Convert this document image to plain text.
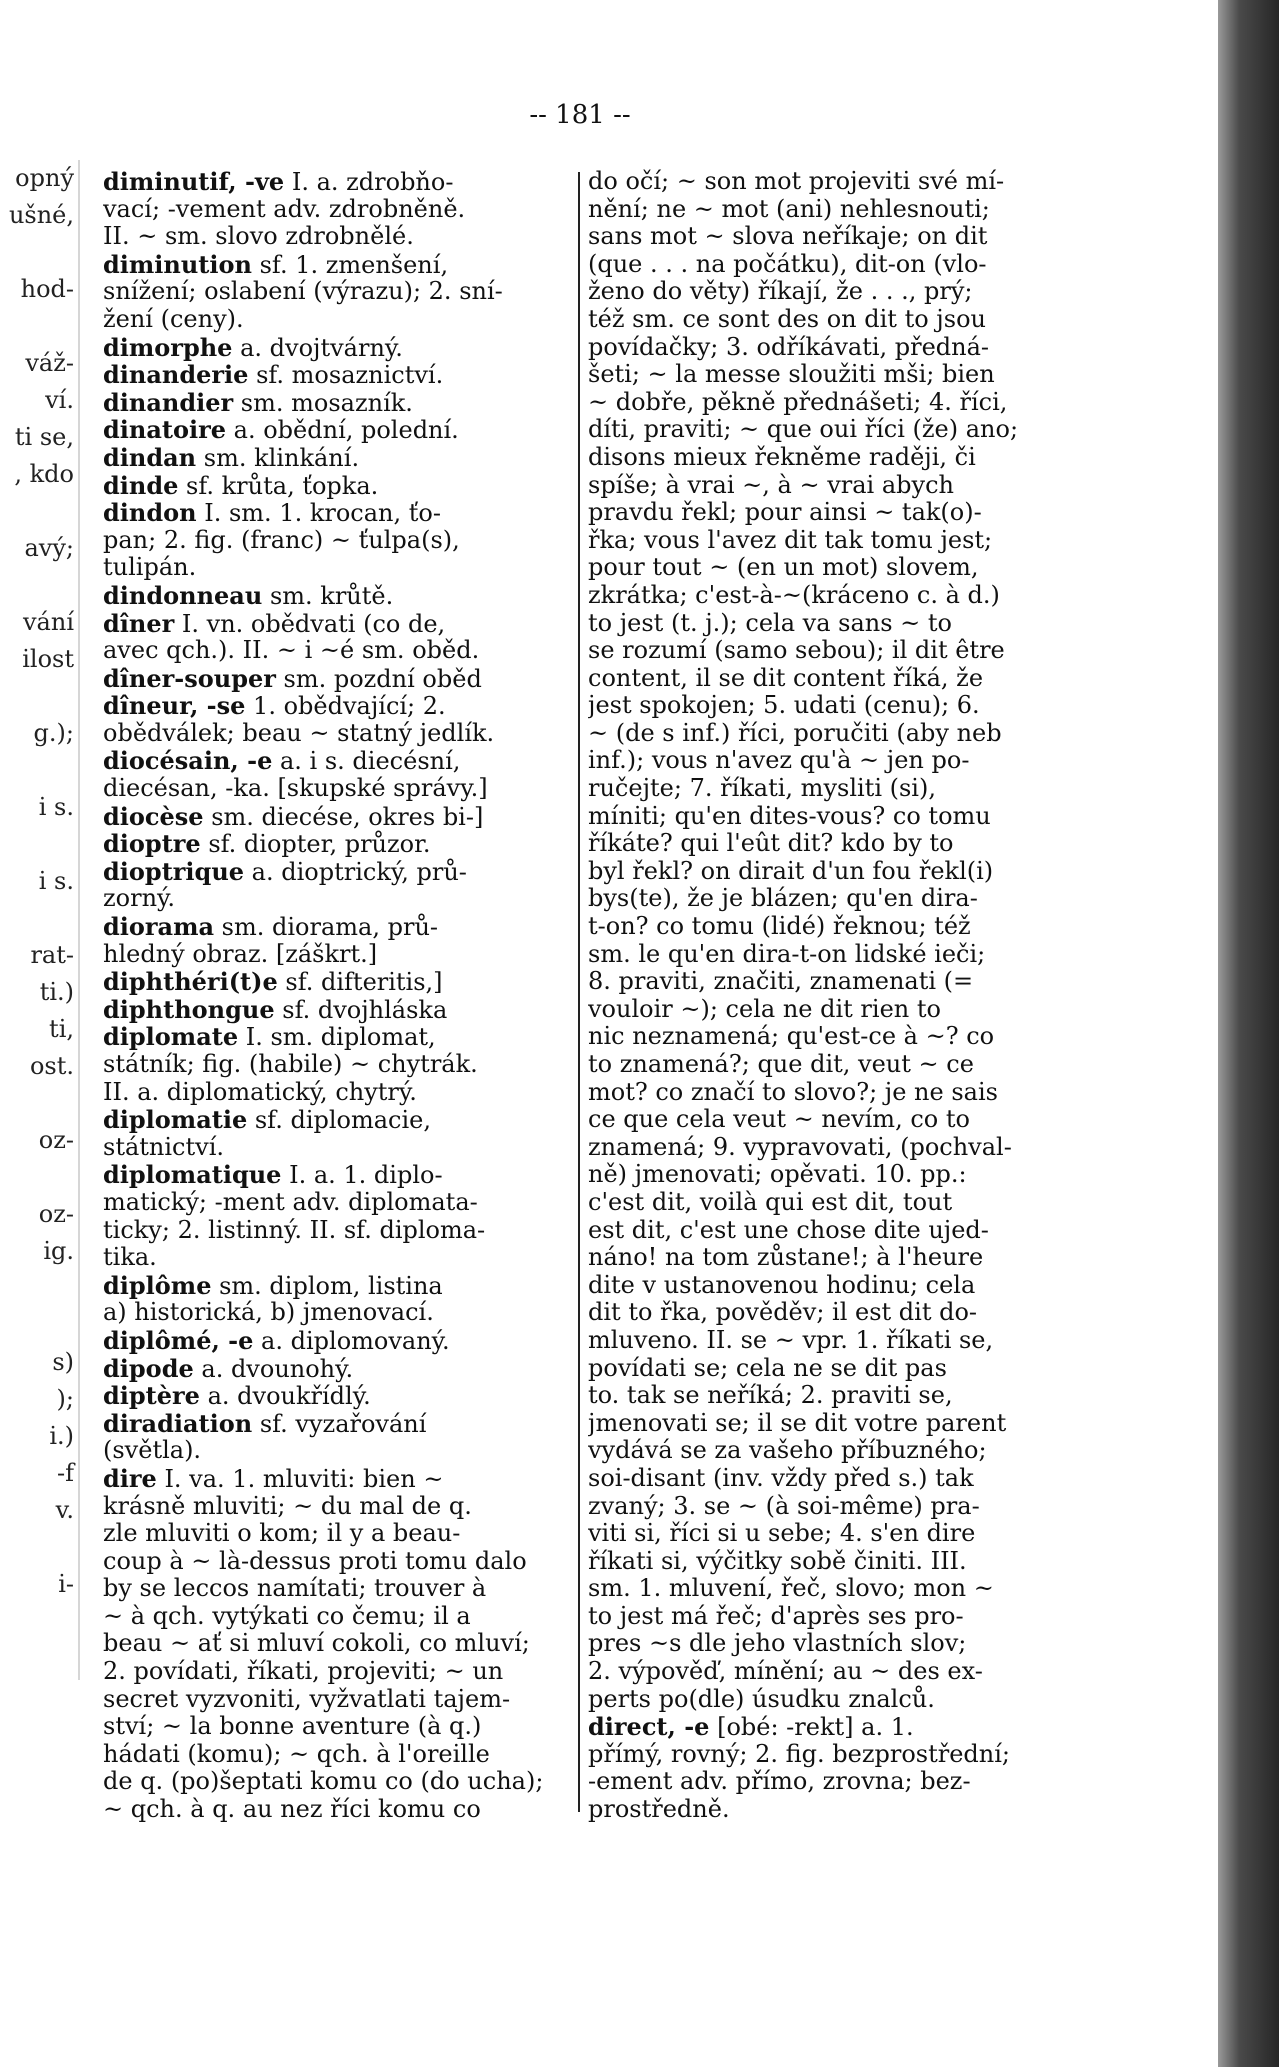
opný
ušné,
hod-
váž-
ví.
ti se,
, kdo
avý;
vání
ilost
g.);
i s.
i s.
rat-
ti.)
ti,
ost.
oz-
oz-
ig.
s)
);
i.)
-f
v.
i-
-- 181 --
diminutif, -ve I. a. zdrobňo-
vací; -vement adv. zdrobněně.
II. ~ sm. slovo zdrobnělé.
diminution sf. 1. zmenšení,
snížení; oslabení (výrazu); 2. sní-
žení (ceny).
dimorphe a. dvojtvárný.
dinanderie sf. mosaznictví.
dinandier sm. mosazník.
dinatoire a. obědní, polední.
dindan sm. klinkání.
dinde sf. krůta, ťopka.
dindon I. sm. 1. krocan, ťo-
pan; 2. fig. (franc) ~ ťulpa(s),
tulipán.
dindonneau sm. krůtě.
dîner I. vn. obědvati (co de,
avec qch.). II. ~ i ~é sm. oběd.
dîner-souper sm. pozdní oběd
dîneur, -se 1. obědvající; 2.
obědválek; beau ~ statný jedlík.
diocésain, -e a. i s. diecésní,
diecésan, -ka. [skupské správy.]
diocèse sm. diecése, okres bi-]
dioptre sf. diopter, průzor.
dioptrique a. dioptrický, prů-
zorný.
diorama sm. diorama, prů-
hledný obraz. [záškrt.]
diphthéri(t)e sf. difteritis,]
diphthongue sf. dvojhláska
diplomate I. sm. diplomat,
státník; fig. (habile) ~ chytrák.
II. a. diplomatický, chytrý.
diplomatie sf. diplomacie,
státnictví.
diplomatique I. a. 1. diplo-
matický; -ment adv. diplomata-
ticky; 2. listinný. II. sf. diploma-
tika.
diplôme sm. diplom, listina
a) historická, b) jmenovací.
diplômé, -e a. diplomovaný.
dipode a. dvounohý.
diptère a. dvoukřídlý.
diradiation sf. vyzařování
(světla).
dire I. va. 1. mluviti: bien ~
krásně mluviti; ~ du mal de q.
zle mluviti o kom; il y a beau-
coup à ~ là-dessus proti tomu dalo
by se leccos namítati; trouver à
~ à qch. vytýkati co čemu; il a
beau ~ ať si mluví cokoli, co mluví;
2. povídati, říkati, projeviti; ~ un
secret vyzvoniti, vyžvatlati tajem-
ství; ~ la bonne aventure (à q.)
hádati (komu); ~ qch. à l'oreille
de q. (po)šeptati komu co (do ucha);
~ qch. à q. au nez říci komu co
do očí; ~ son mot projeviti své mí-
nění; ne ~ mot (ani) nehlesnouti;
sans mot ~ slova neříkaje; on dit
(que . . . na počátku), dit-on (vlo-
ženo do věty) říkají, že . . ., prý;
též sm. ce sont des on dit to jsou
povídačky; 3. odříkávati, předná-
šeti; ~ la messe sloužiti mši; bien
~ dobře, pěkně přednášeti; 4. říci,
díti, praviti; ~ que oui říci (že) ano;
disons mieux řekněme raději, či
spíše; à vrai ~, à ~ vrai abych
pravdu řekl; pour ainsi ~ tak(o)-
řka; vous l'avez dit tak tomu jest;
pour tout ~ (en un mot) slovem,
zkrátka; c'est-à-~(kráceno c. à d.)
to jest (t. j.); cela va sans ~ to
se rozumí (samo sebou); il dit être
content, il se dit content říká, že
jest spokojen; 5. udati (cenu); 6.
~ (de s inf.) říci, poručiti (aby neb
inf.); vous n'avez qu'à ~ jen po-
ručejte; 7. říkati, mysliti (si),
míniti; qu'en dites-vous? co tomu
říkáte? qui l'eût dit? kdo by to
byl řekl? on dirait d'un fou řekl(i)
bys(te), že je blázen; qu'en dira-
t-on? co tomu (lidé) řeknou; též
sm. le qu'en dira-t-on lidské ieči;
8. praviti, značiti, znamenati (=
vouloir ~); cela ne dit rien to
nic neznamená; qu'est-ce à ~? co
to znamená?; que dit, veut ~ ce
mot? co značí to slovo?; je ne sais
ce que cela veut ~ nevím, co to
znamená; 9. vypravovati, (pochval-
ně) jmenovati; opěvati. 10. pp.:
c'est dit, voilà qui est dit, tout
est dit, c'est une chose dite ujed-
náno! na tom zůstane!; à l'heure
dite v ustanovenou hodinu; cela
dit to řka, pověděv; il est dit do-
mluveno. II. se ~ vpr. 1. říkati se,
povídati se; cela ne se dit pas
to. tak se neříká; 2. praviti se,
jmenovati se; il se dit votre parent
vydává se za vašeho příbuzného;
soi-disant (inv. vždy před s.) tak
zvaný; 3. se ~ (à soi-même) pra-
viti si, říci si u sebe; 4. s'en dire
říkati si, výčitky sobě činiti. III.
sm. 1. mluvení, řeč, slovo; mon ~
to jest má řeč; d'après ses pro-
pres ~s dle jeho vlastních slov;
2. výpověď, mínění; au ~ des ex-
perts po(dle) úsudku znalců.
direct, -e [obé: -rekt] a. 1.
přímý, rovný; 2. fig. bezprostřední;
-ement adv. přímo, zrovna; bez-
prostředně.
